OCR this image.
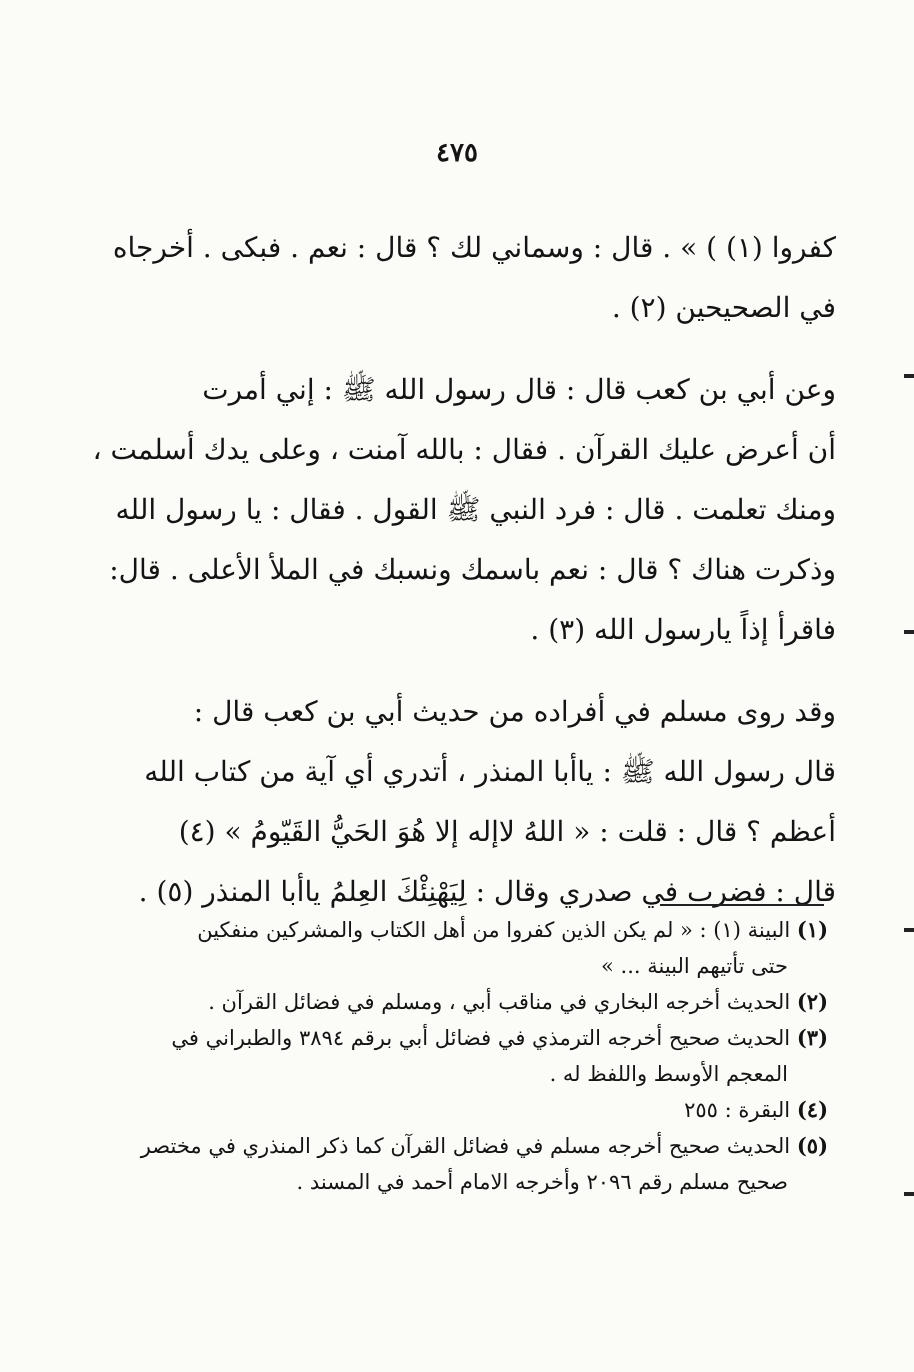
٤٧٥
كفروا (١) ) » . قال : وسماني لك ؟ قال : نعم . فبكى . أخرجاه
في الصحيحين (٢) .
وعن أبي بن كعب قال : قال رسول الله ﷺ : إني أمرت
أن أعرض عليك القرآن . فقال : بالله آمنت ، وعلى يدك أسلمت ،
ومنك تعلمت . قال : فرد النبي ﷺ القول . فقال : يا رسول الله
وذكرت هناك ؟ قال : نعم باسمك ونسبك في الملأ الأعلى . قال:
فاقرأ إذاً يارسول الله (٣) .
وقد روى مسلم في أفراده من حديث أبي بن كعب قال :
قال رسول الله ﷺ : ياأبا المنذر ، أتدري أي آية من كتاب الله
أعظم ؟ قال : قلت : « اللهُ لاإله إلا هُوَ الحَيُّ القَيّومُ » (٤)
قال : فضرب في صدري وقال : لِيَهْنِئْكَ العِلمُ ياأبا المنذر (٥) .
(١) البينة (١) : « لم يكن الذين كفروا من أهل الكتاب والمشركين منفكين
حتى تأتيهم البينة ... »
(٢) الحديث أخرجه البخاري في مناقب أبي ، ومسلم في فضائل القرآن .
(٣) الحديث صحيح أخرجه الترمذي في فضائل أبي برقم ٣٨٩٤ والطبراني في
المعجم الأوسط واللفظ له .
(٤) البقرة : ٢٥٥
(٥) الحديث صحيح أخرجه مسلم في فضائل القرآن كما ذكر المنذري في مختصر
صحيح مسلم رقم ٢٠٩٦ وأخرجه الامام أحمد في المسند .
